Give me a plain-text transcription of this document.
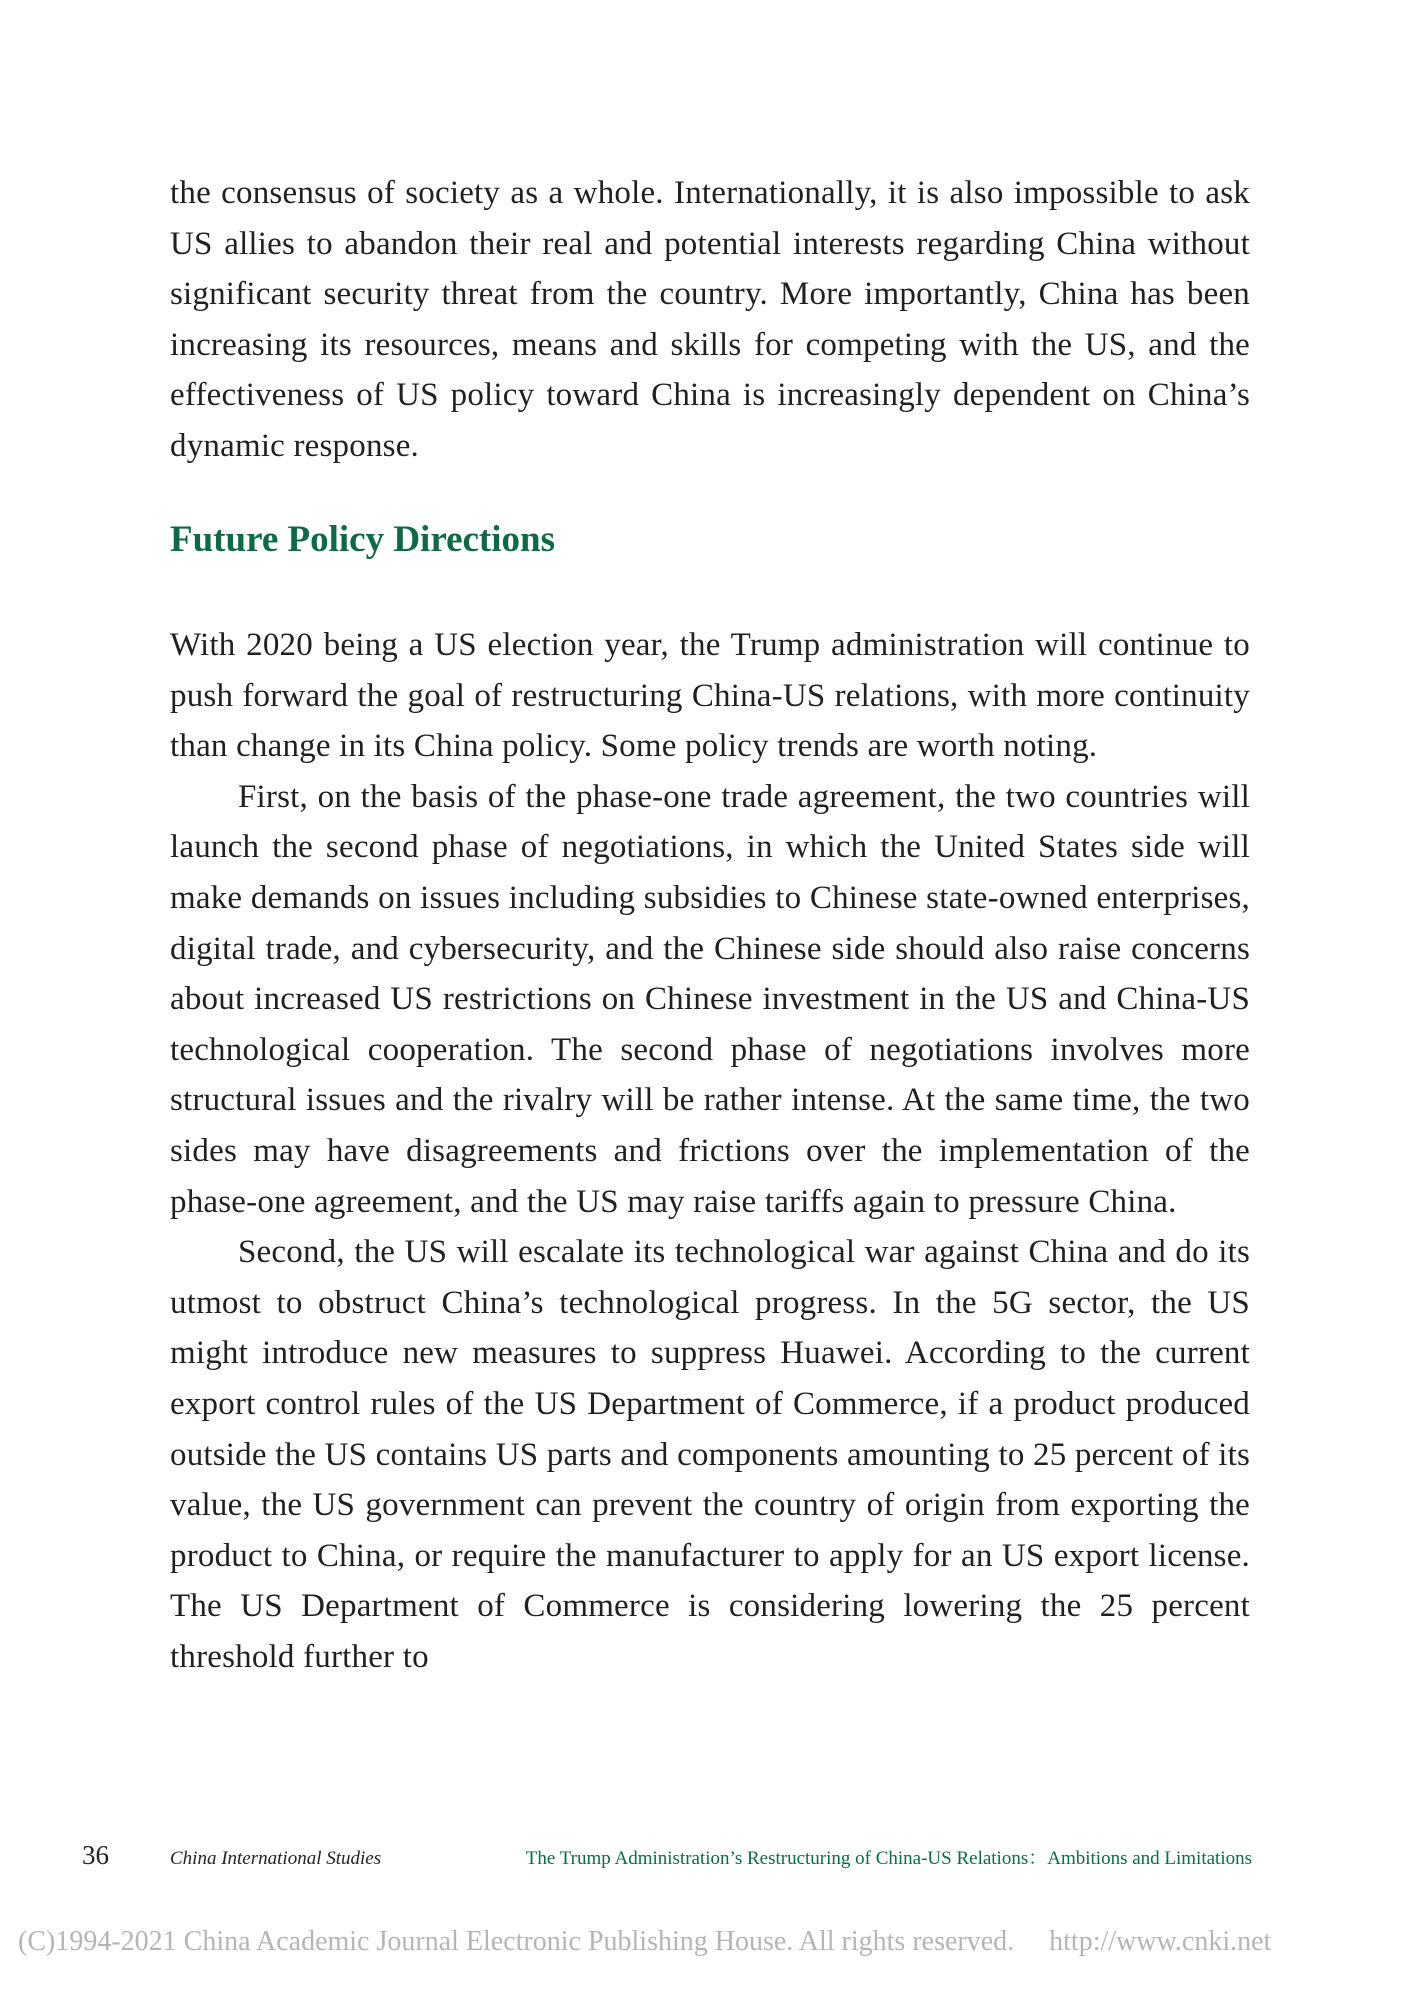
the consensus of society as a whole. Internationally, it is also impossible to ask US allies to abandon their real and potential interests regarding China without significant security threat from the country. More importantly, China has been increasing its resources, means and skills for competing with the US, and the effectiveness of US policy toward China is increasingly dependent on China’s dynamic response.

Future Policy Directions

With 2020 being a US election year, the Trump administration will continue to push forward the goal of restructuring China-US relations, with more continuity than change in its China policy. Some policy trends are worth noting.

First, on the basis of the phase-one trade agreement, the two countries will launch the second phase of negotiations, in which the United States side will make demands on issues including subsidies to Chinese state-owned enterprises, digital trade, and cybersecurity, and the Chinese side should also raise concerns about increased US restrictions on Chinese investment in the US and China-US technological cooperation. The second phase of negotiations involves more structural issues and the rivalry will be rather intense. At the same time, the two sides may have disagreements and frictions over the implementation of the phase-one agreement, and the US may raise tariffs again to pressure China.

Second, the US will escalate its technological war against China and do its utmost to obstruct China’s technological progress. In the 5G sector, the US might introduce new measures to suppress Huawei. According to the current export control rules of the US Department of Commerce, if a product produced outside the US contains US parts and components amounting to 25 percent of its value, the US government can prevent the country of origin from exporting the product to China, or require the manufacturer to apply for an US export license. The US Department of Commerce is considering lowering the 25 percent threshold further to

36	China International Studies	The Trump Administration’s Restructuring of China-US Relations：Ambitions and Limitations
(C)1994-2021 China Academic Journal Electronic Publishing House. All rights reserved. http://www.cnki.net
